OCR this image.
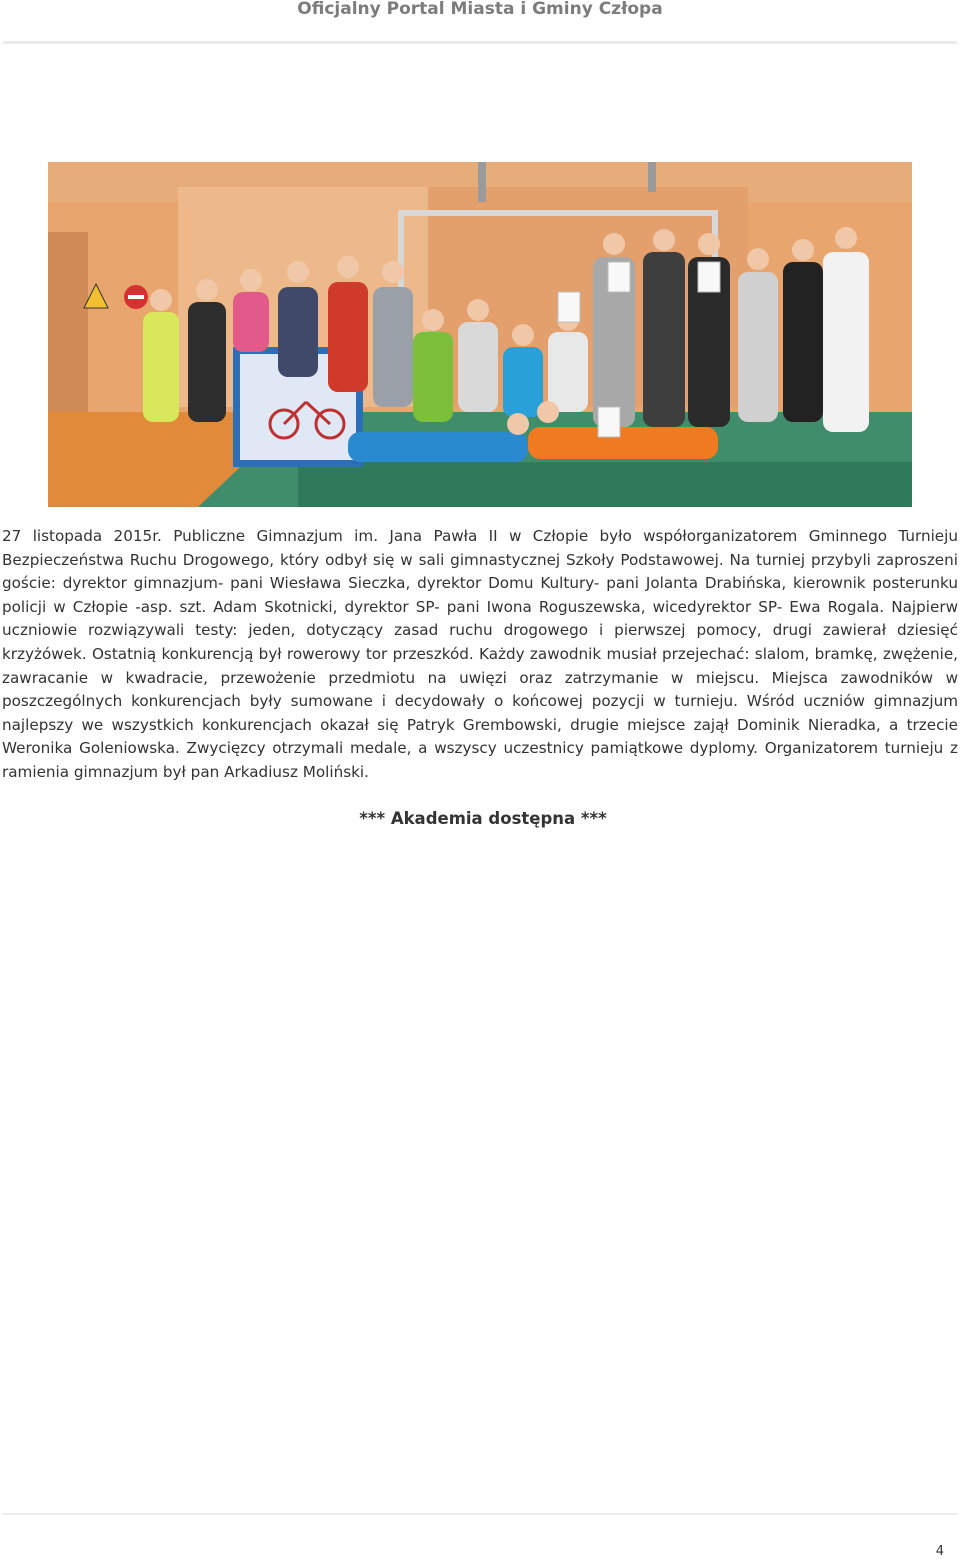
Oficjalny Portal Miasta i Gminy Człopa

27 listopada 2015r. Publiczne Gimnazjum im. Jana Pawła II w Człopie było współorganizatorem Gminnego Turnieju Bezpieczeństwa Ruchu Drogowego, który odbył się w sali gimnastycznej Szkoły Podstawowej. Na turniej przybyli zaproszeni goście: dyrektor gimnazjum- pani Wiesława Sieczka, dyrektor Domu Kultury- pani Jolanta Drabińska, kierownik posterunku policji w Człopie -asp. szt. Adam Skotnicki, dyrektor SP- pani Iwona Roguszewska, wicedyrektor SP- Ewa Rogala. Najpierw uczniowie rozwiązywali testy: jeden, dotyczący zasad ruchu drogowego i pierwszej pomocy, drugi zawierał dziesięć krzyżówek. Ostatnią konkurencją był rowerowy tor przeszkód. Każdy zawodnik musiał przejechać: slalom, bramkę, zwężenie, zawracanie w kwadracie, przewożenie przedmiotu na uwięzi oraz zatrzymanie w miejscu. Miejsca zawodników w poszczególnych konkurencjach były sumowane i decydowały o końcowej pozycji w turnieju. Wśród uczniów gimnazjum najlepszy we wszystkich konkurencjach okazał się Patryk Grembowski, drugie miejsce zajął Dominik Nieradka, a trzecie Weronika Goleniowska. Zwycięzcy otrzymali medale, a wszyscy uczestnicy pamiątkowe dyplomy. Organizatorem turnieju z ramienia gimnazjum był pan Arkadiusz Moliński.

*** Akademia dostępna ***
4
